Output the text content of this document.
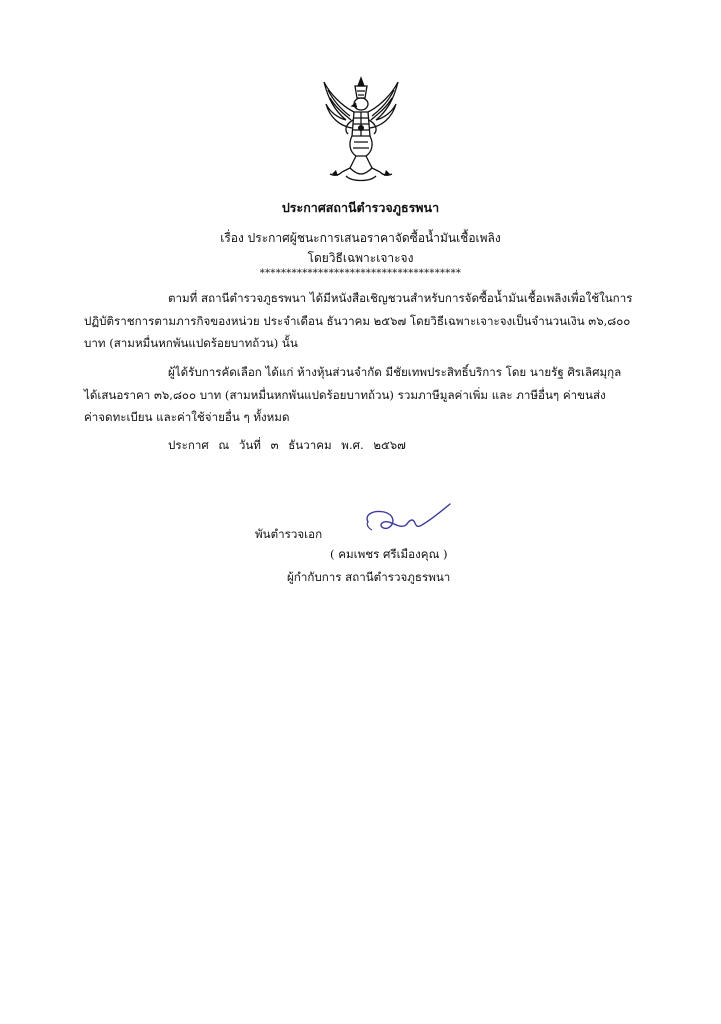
ประกาศสถานีตำรวจภูธรพนา
เรื่อง ประกาศผู้ชนะการเสนอราคาจัดซื้อน้ำมันเชื้อเพลิง
โดยวิธีเฉพาะเจาะจง
**************************************
ตามที่ สถานีตำรวจภูธรพนา ได้มีหนังสือเชิญชวนสำหรับการจัดซื้อน้ำมันเชื้อเพลิงเพื่อใช้ในการ
ปฏิบัติราชการตามภารกิจของหน่วย ประจำเดือน ธันวาคม ๒๕๖๗ โดยวิธีเฉพาะเจาะจงเป็นจำนวนเงิน ๓๖,๘๐๐
บาท (สามหมื่นหกพันแปดร้อยบาทถ้วน) นั้น
ผู้ได้รับการคัดเลือก ได้แก่ ห้างหุ้นส่วนจำกัด มีชัยเทพประสิทธิ์บริการ โดย นายรัฐ ศิรเลิศมุกุล
ได้เสนอราคา ๓๖,๘๐๐ บาท (สามหมื่นหกพันแปดร้อยบาทถ้วน) รวมภาษีมูลค่าเพิ่ม และ ภาษีอื่นๆ ค่าขนส่ง
ค่าจดทะเบียน และค่าใช้จ่ายอื่น ๆ ทั้งหมด
ประกาศ ณ วันที่ ๓ ธันวาคม พ.ศ. ๒๕๖๗
พันตำรวจเอก
( คมเพชร ศรีเมืองคุณ )
ผู้กำกับการ สถานีตำรวจภูธรพนา
